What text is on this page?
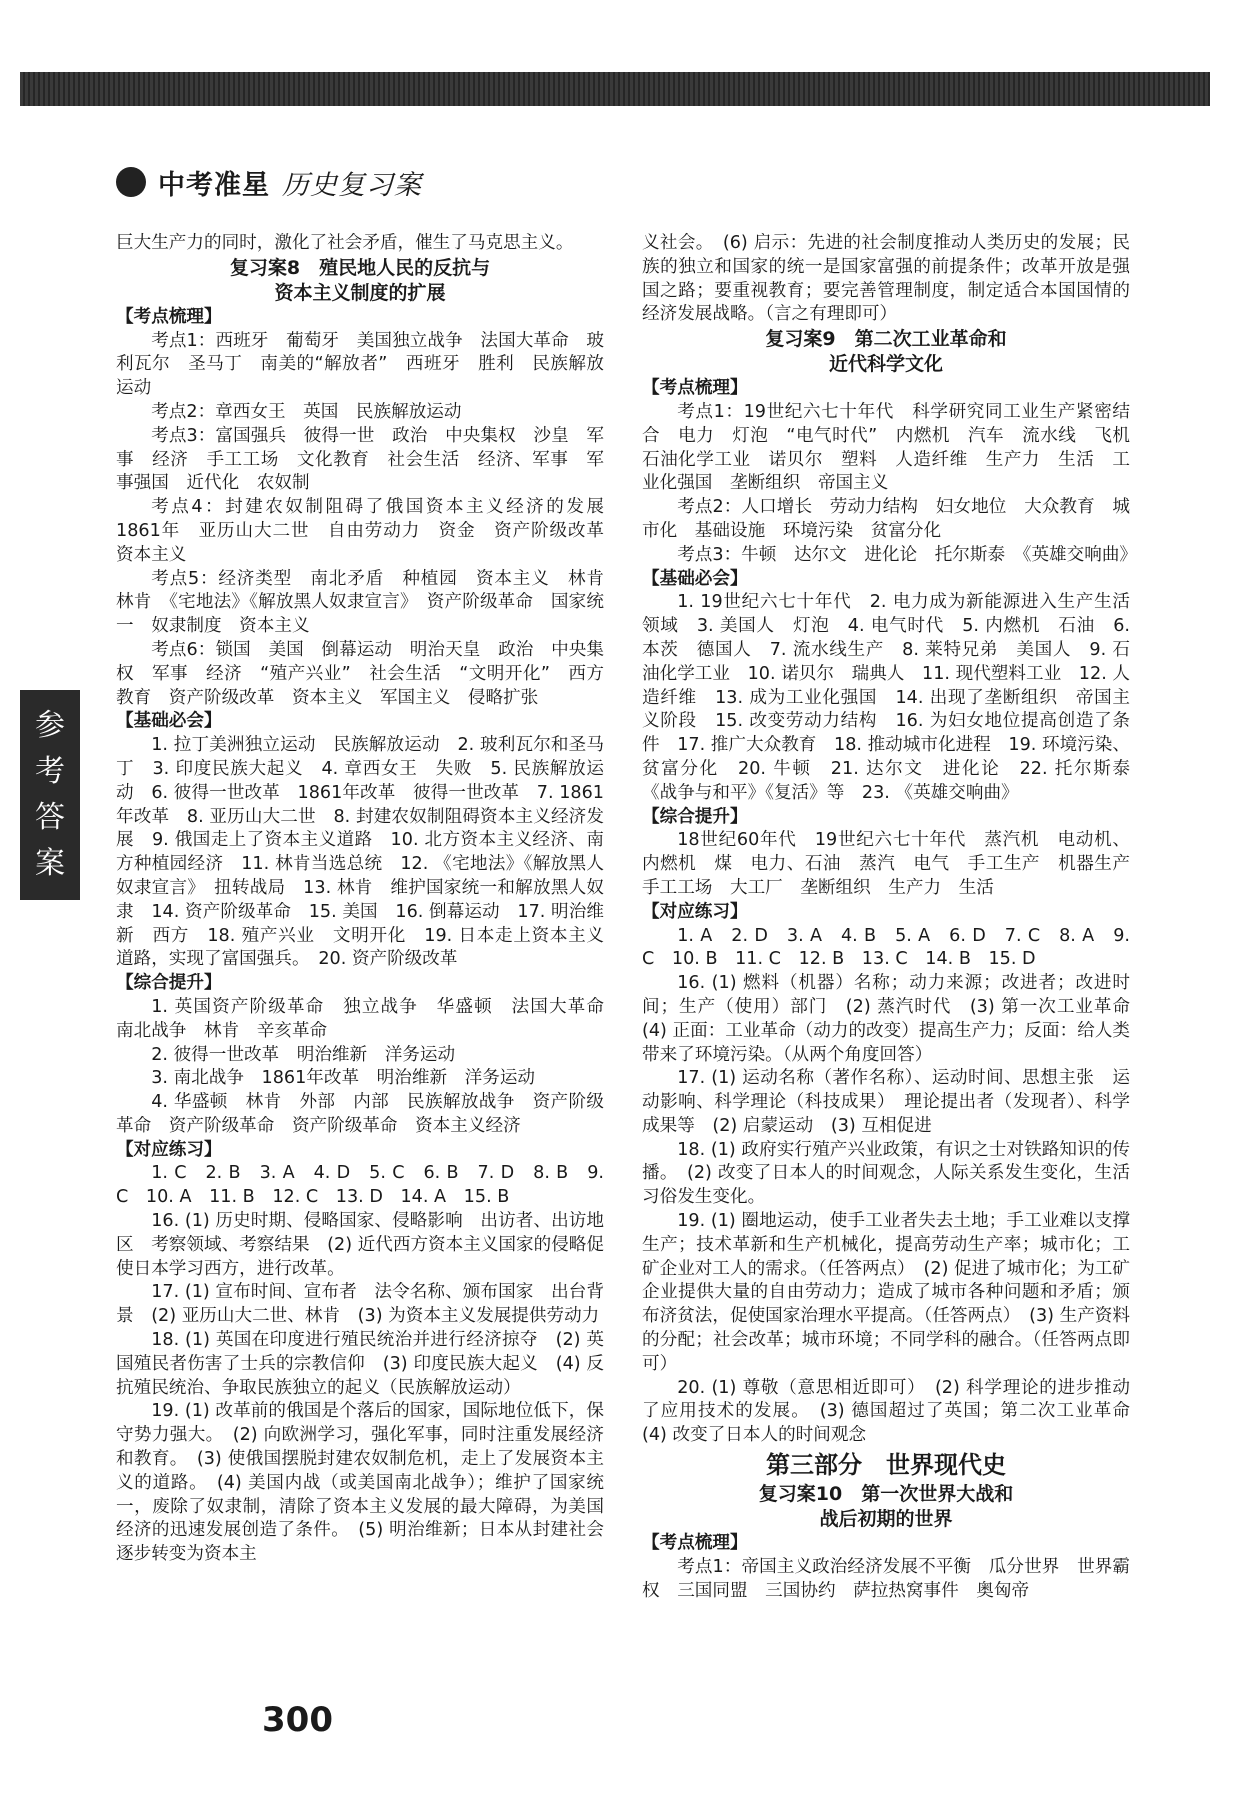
中考准星 历史复习案
参
考
答
案

巨大生产力的同时，激化了社会矛盾，催生了马克思主义。

复习案8　殖民地人民的反抗与

资本主义制度的扩展

【考点梳理】

考点1：西班牙　葡萄牙　美国独立战争　法国大革命　玻利瓦尔　圣马丁　南美的“解放者”　西班牙　胜利　民族解放运动

考点2：章西女王　英国　民族解放运动

考点3：富国强兵　彼得一世　政治　中央集权　沙皇　军事　经济　手工工场　文化教育　社会生活　经济、军事　军事强国　近代化　农奴制

考点4：封建农奴制阻碍了俄国资本主义经济的发展　1861年　亚历山大二世　自由劳动力　资金　资产阶级改革　资本主义

考点5：经济类型　南北矛盾　种植园　资本主义　林肯　林肯　《宅地法》《解放黑人奴隶宣言》　资产阶级革命　国家统一　奴隶制度　资本主义

考点6：锁国　美国　倒幕运动　明治天皇　政治　中央集权　军事　经济　“殖产兴业”　社会生活　“文明开化”　西方　教育　资产阶级改革　资本主义　军国主义　侵略扩张

【基础必会】

1. 拉丁美洲独立运动　民族解放运动　2. 玻利瓦尔和圣马丁　3. 印度民族大起义　4. 章西女王　失败　5. 民族解放运动　6. 彼得一世改革　1861年改革　彼得一世改革　7. 1861年改革　8. 亚历山大二世　8. 封建农奴制阻碍资本主义经济发展　9. 俄国走上了资本主义道路　10. 北方资本主义经济、南方种植园经济　11. 林肯当选总统　12. 《宅地法》《解放黑人奴隶宣言》　扭转战局　13. 林肯　维护国家统一和解放黑人奴隶　14. 资产阶级革命　15. 美国　16. 倒幕运动　17. 明治维新　西方　18. 殖产兴业　文明开化　19. 日本走上资本主义道路，实现了富国强兵。　20. 资产阶级改革

【综合提升】

1. 英国资产阶级革命　独立战争　华盛顿　法国大革命　南北战争　林肯　辛亥革命

2. 彼得一世改革　明治维新　洋务运动

3. 南北战争　1861年改革　明治维新　洋务运动

4. 华盛顿　林肯　外部　内部　民族解放战争　资产阶级革命　资产阶级革命　资产阶级革命　资本主义经济

【对应练习】

1. C　2. B　3. A　4. D　5. C　6. B　7. D　8. B　9. C　10. A　11. B　12. C　13. D　14. A　15. B

16. (1) 历史时期、侵略国家、侵略影响　出访者、出访地区　考察领域、考察结果　(2) 近代西方资本主义国家的侵略促使日本学习西方，进行改革。

17. (1) 宣布时间、宣布者　法令名称、颁布国家　出台背景　(2) 亚历山大二世、林肯　(3) 为资本主义发展提供劳动力

18. (1) 英国在印度进行殖民统治并进行经济掠夺　(2) 英国殖民者伤害了士兵的宗教信仰　(3) 印度民族大起义　(4) 反抗殖民统治、争取民族独立的起义（民族解放运动）

19. (1) 改革前的俄国是个落后的国家，国际地位低下，保守势力强大。　(2) 向欧洲学习，强化军事，同时注重发展经济和教育。　(3) 使俄国摆脱封建农奴制危机，走上了发展资本主义的道路。　(4) 美国内战（或美国南北战争）；维护了国家统一，废除了奴隶制，清除了资本主义发展的最大障碍，为美国经济的迅速发展创造了条件。　(5) 明治维新；日本从封建社会逐步转变为资本主

义社会。　(6) 启示：先进的社会制度推动人类历史的发展；民族的独立和国家的统一是国家富强的前提条件；改革开放是强国之路；要重视教育；要完善管理制度，制定适合本国国情的经济发展战略。（言之有理即可）

复习案9　第二次工业革命和

近代科学文化

【考点梳理】

考点1：19世纪六七十年代　科学研究同工业生产紧密结合　电力　灯泡　“电气时代”　内燃机　汽车　流水线　飞机　石油化学工业　诺贝尔　塑料　人造纤维　生产力　生活　工业化强国　垄断组织　帝国主义

考点2：人口增长　劳动力结构　妇女地位　大众教育　城市化　基础设施　环境污染　贫富分化

考点3：牛顿　达尔文　进化论　托尔斯泰　《英雄交响曲》

【基础必会】

1. 19世纪六七十年代　2. 电力成为新能源进入生产生活领域　3. 美国人　灯泡　4. 电气时代　5. 内燃机　石油　6. 本茨　德国人　7. 流水线生产　8. 莱特兄弟　美国人　9. 石油化学工业　10. 诺贝尔　瑞典人　11. 现代塑料工业　12. 人造纤维　13. 成为工业化强国　14. 出现了垄断组织　帝国主义阶段　15. 改变劳动力结构　16. 为妇女地位提高创造了条件　17. 推广大众教育　18. 推动城市化进程　19. 环境污染、贫富分化　20. 牛顿　21. 达尔文　进化论　22. 托尔斯泰　《战争与和平》《复活》等　23. 《英雄交响曲》

【综合提升】

18世纪60年代　19世纪六七十年代　蒸汽机　电动机、内燃机　煤　电力、石油　蒸汽　电气　手工生产　机器生产　手工工场　大工厂　垄断组织　生产力　生活

【对应练习】

1. A　2. D　3. A　4. B　5. A　6. D　7. C　8. A　9. C　10. B　11. C　12. B　13. C　14. B　15. D

16. (1) 燃料（机器）名称；动力来源；改进者；改进时间；生产（使用）部门　(2) 蒸汽时代　(3) 第一次工业革命　(4) 正面：工业革命（动力的改变）提高生产力；反面：给人类带来了环境污染。（从两个角度回答）

17. (1) 运动名称（著作名称）、运动时间、思想主张　运动影响、科学理论（科技成果）　理论提出者（发现者）、科学成果等　(2) 启蒙运动　(3) 互相促进

18. (1) 政府实行殖产兴业政策，有识之士对铁路知识的传播。　(2) 改变了日本人的时间观念，人际关系发生变化，生活习俗发生变化。

19. (1) 圈地运动，使手工业者失去土地；手工业难以支撑生产；技术革新和生产机械化，提高劳动生产率；城市化；工矿企业对工人的需求。（任答两点）　(2) 促进了城市化；为工矿企业提供大量的自由劳动力；造成了城市各种问题和矛盾；颁布济贫法，促使国家治理水平提高。（任答两点）　(3) 生产资料的分配；社会改革；城市环境；不同学科的融合。（任答两点即可）

20. (1) 尊敬（意思相近即可）　(2) 科学理论的进步推动了应用技术的发展。　(3) 德国超过了英国；第二次工业革命　(4) 改变了日本人的时间观念

第三部分　世界现代史

复习案10　第一次世界大战和

战后初期的世界

【考点梳理】

考点1：帝国主义政治经济发展不平衡　瓜分世界　世界霸权　三国同盟　三国协约　萨拉热窝事件　奥匈帝

300
